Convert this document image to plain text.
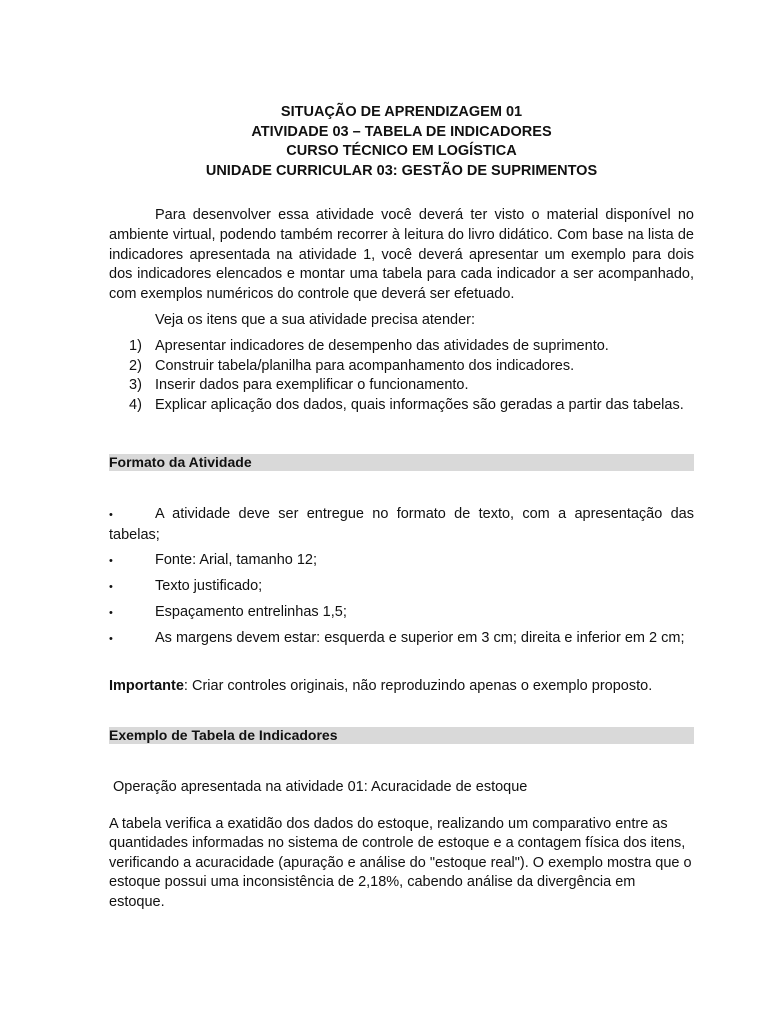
SITUAÇÃO DE APRENDIZAGEM 01
ATIVIDADE 03 – TABELA DE INDICADORES
CURSO TÉCNICO EM LOGÍSTICA
UNIDADE CURRICULAR 03: GESTÃO DE SUPRIMENTOS

Para desenvolver essa atividade você deverá ter visto o material disponível no ambiente virtual, podendo também recorrer à leitura do livro didático. Com base na lista de indicadores apresentada na atividade 1, você deverá apresentar um exemplo para dois dos indicadores elencados e montar uma tabela para cada indicador a ser acompanhado, com exemplos numéricos do controle que deverá ser efetuado.

Veja os itens que a sua atividade precisa atender:

1) Apresentar indicadores de desempenho das atividades de suprimento.
2) Construir tabela/planilha para acompanhamento dos indicadores.
3) Inserir dados para exemplificar o funcionamento.
4) Explicar aplicação dos dados, quais informações são geradas a partir das tabelas.
Formato da Atividade
•	A atividade deve ser entregue no formato de texto, com a apresentação das tabelas;
•	Fonte: Arial, tamanho 12;
•	Texto justificado;
•	Espaçamento entrelinhas 1,5;
•	As margens devem estar: esquerda e superior em 3 cm; direita e inferior em 2 cm;

Importante: Criar controles originais, não reproduzindo apenas o exemplo proposto.

Exemplo de Tabela de Indicadores

Operação apresentada na atividade 01: Acuracidade de estoque

A tabela verifica a exatidão dos dados do estoque, realizando um comparativo entre as quantidades informadas no sistema de controle de estoque e a contagem física dos itens, verificando a acuracidade (apuração e análise do "estoque real"). O exemplo mostra que o estoque possui uma inconsistência de 2,18%, cabendo análise da divergência em estoque.
